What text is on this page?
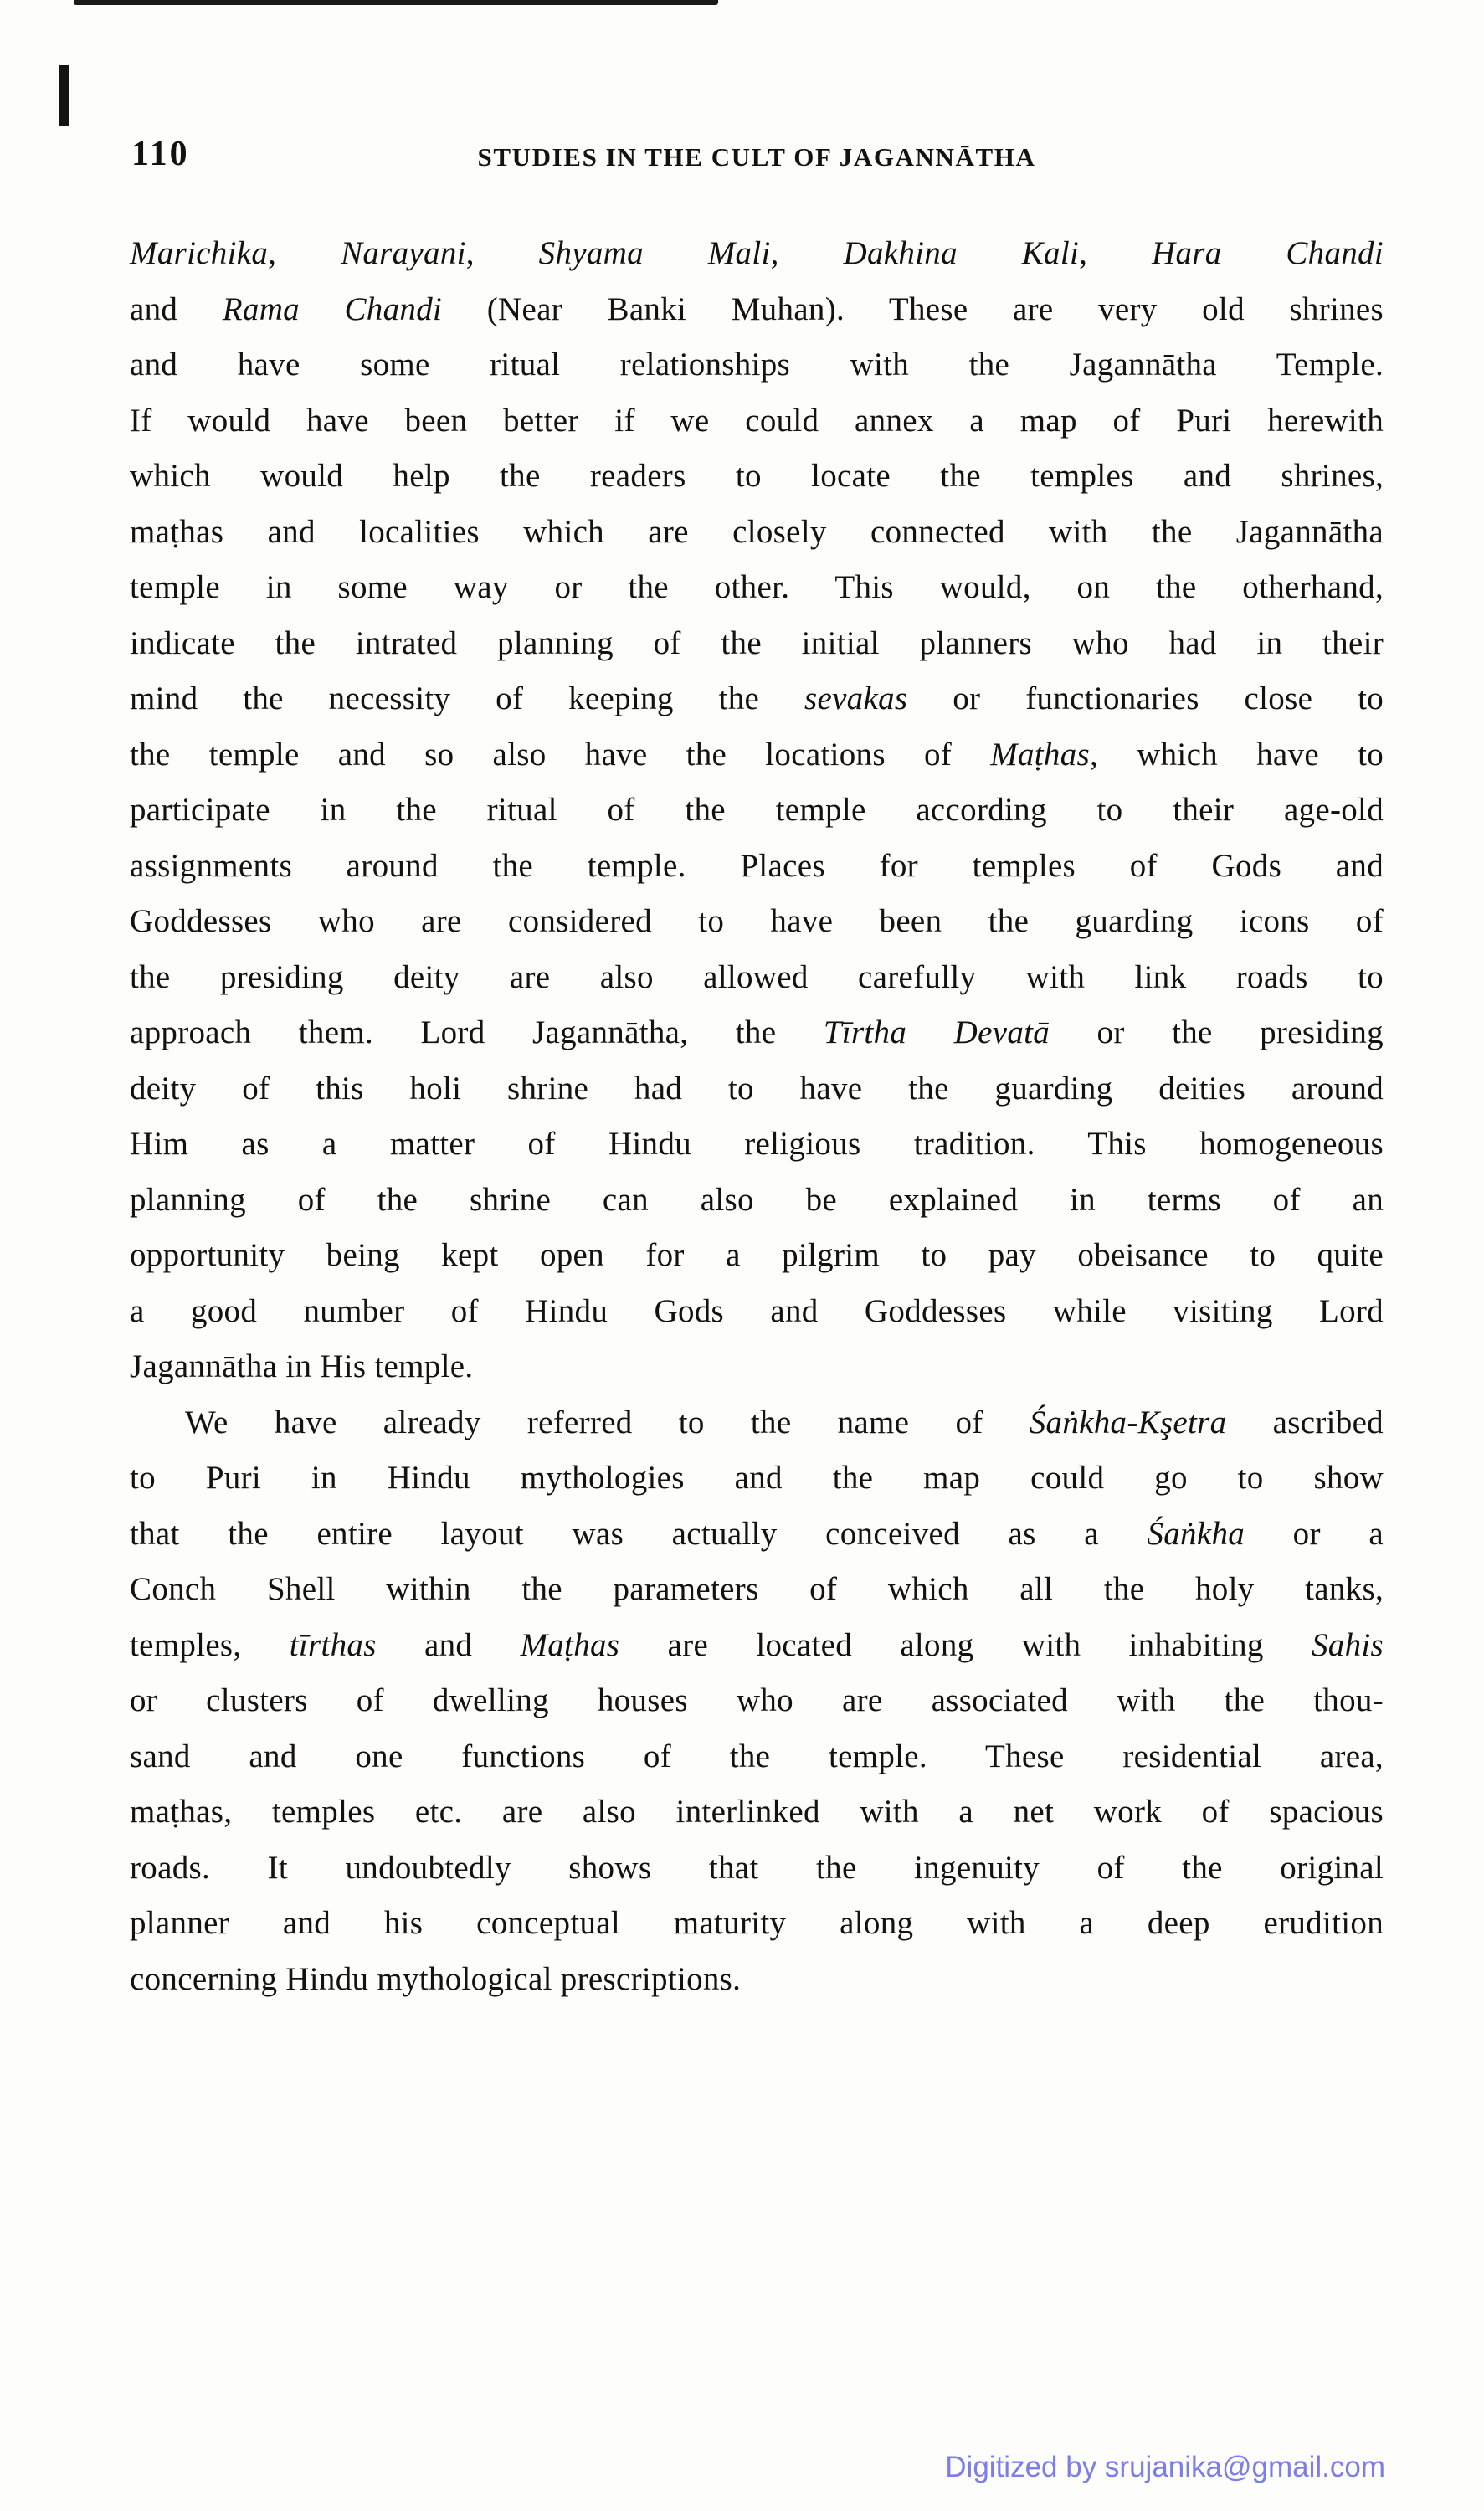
110	STUDIES IN THE CULT OF JAGANNĀTHA
Marichika, Narayani, Shyama Mali, Dakhina Kali, Hara Chandi
and Rama Chandi (Near Banki Muhan). These are very old shrines
and have some ritual relationships with the Jagannātha Temple.
If would have been better if we could annex a map of Puri herewith
which would help the readers to locate the temples and shrines,
maṭhas and localities which are closely connected with the Jagannātha
temple in some way or the other. This would, on the otherhand,
indicate the intrated planning of the initial planners who had in their
mind the necessity of keeping the sevakas or functionaries close to
the temple and so also have the locations of Maṭhas, which have to
participate in the ritual of the temple according to their age-old
assignments around the temple. Places for temples of Gods and
Goddesses who are considered to have been the guarding icons of
the presiding deity are also allowed carefully with link roads to
approach them. Lord Jagannātha, the Tīrtha Devatā or the presiding
deity of this holi shrine had to have the guarding deities around
Him as a matter of Hindu religious tradition. This homogeneous
planning of the shrine can also be explained in terms of an
opportunity being kept open for a pilgrim to pay obeisance to quite
a good number of Hindu Gods and Goddesses while visiting Lord
Jagannātha in His temple.
We have already referred to the name of Śaṅkha-Kşetra ascribed
to Puri in Hindu mythologies and the map could go to show
that the entire layout was actually conceived as a Śaṅkha or a
Conch Shell within the parameters of which all the holy tanks,
temples, tīrthas and Maṭhas are located along with inhabiting Sahis
or clusters of dwelling houses who are associated with the thou-
sand and one functions of the temple. These residential area,
maṭhas, temples etc. are also interlinked with a net work of spacious
roads. It undoubtedly shows that the ingenuity of the original
planner and his conceptual maturity along with a deep erudition
concerning Hindu mythological prescriptions.
Digitized by srujanika@gmail.com
